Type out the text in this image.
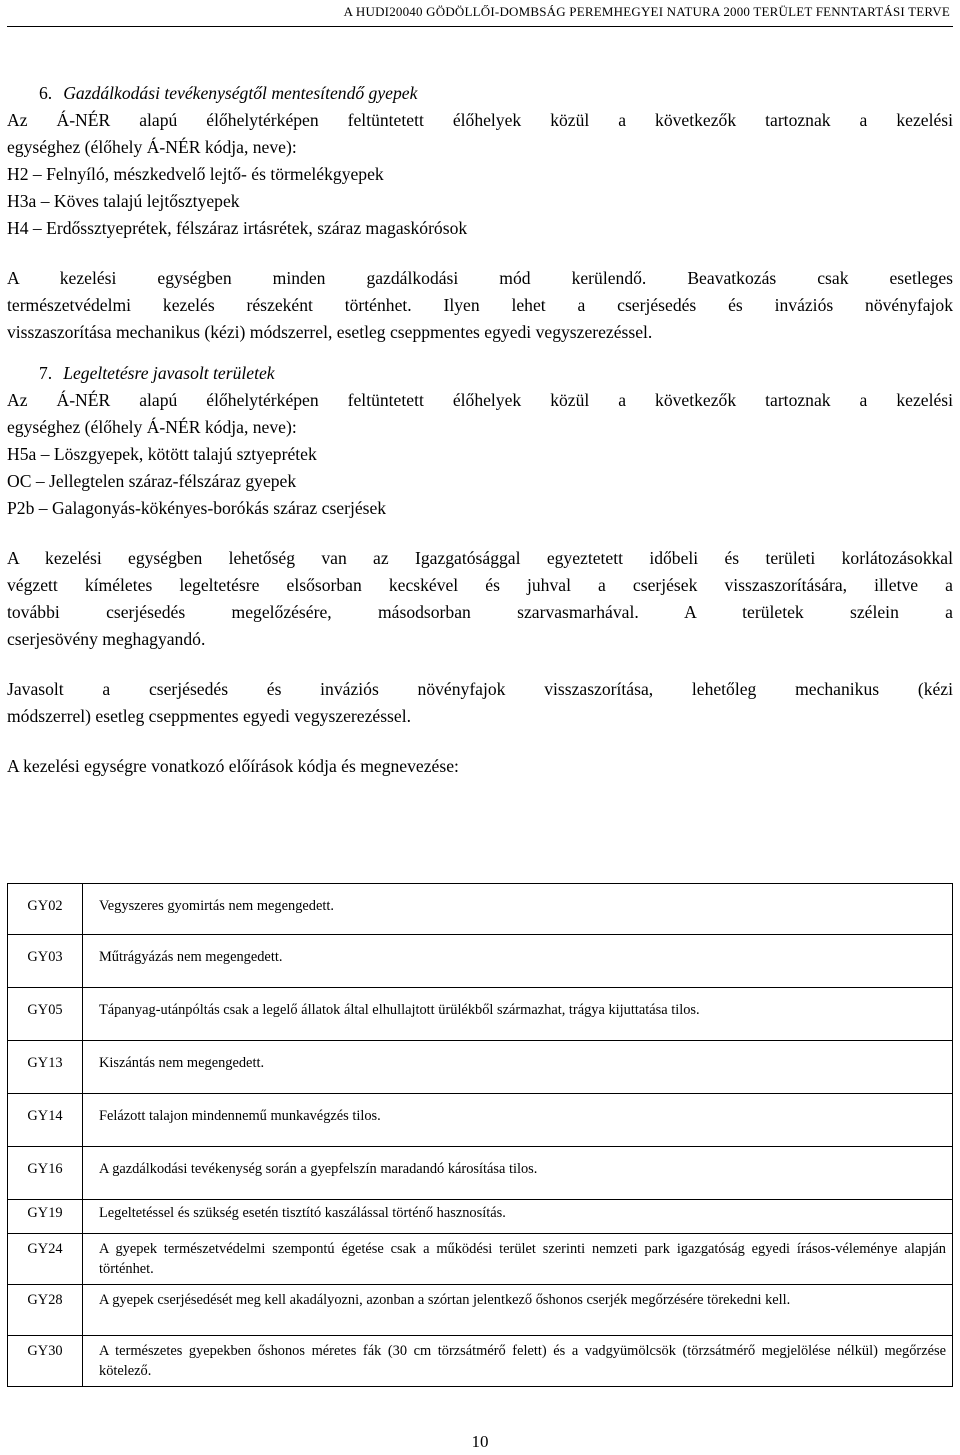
A HUDI20040 GÖDÖLLŐI-DOMBSÁG PEREMHEGYEI NATURA 2000 TERÜLET FENNTARTÁSI TERVE
6. Gazdálkodási tevékenységtől mentesítendő gyepek
Az Á-NÉR alapú élőhelytérképen feltüntetett élőhelyek közül a következők tartoznak a kezelési
egységhez (élőhely Á-NÉR kódja, neve):
H2 – Felnyíló, mészkedvelő lejtő- és törmelékgyepek
H3a – Köves talajú lejtősztyepek
H4 – Erdőssztyeprétek, félszáraz irtásrétek, száraz magaskórósok
A kezelési egységben minden gazdálkodási mód kerülendő. Beavatkozás csak esetleges
természetvédelmi kezelés részeként történhet. Ilyen lehet a cserjésedés és inváziós növényfajok
visszaszorítása mechanikus (kézi) módszerrel, esetleg cseppmentes egyedi vegyszerezéssel.
7. Legeltetésre javasolt területek
Az Á-NÉR alapú élőhelytérképen feltüntetett élőhelyek közül a következők tartoznak a kezelési
egységhez (élőhely Á-NÉR kódja, neve):
H5a – Löszgyepek, kötött talajú sztyeprétek
OC – Jellegtelen száraz-félszáraz gyepek
P2b – Galagonyás-kökényes-borókás száraz cserjések
A kezelési egységben lehetőség van az Igazgatósággal egyeztetett időbeli és területi korlátozásokkal
végzett kíméletes legeltetésre elsősorban kecskével és juhval a cserjések visszaszorítására, illetve a
további cserjésedés megelőzésére, másodsorban szarvasmarhával. A területek szélein a
cserjesövény meghagyandó.
Javasolt a cserjésedés és inváziós növényfajok visszaszorítása, lehetőleg mechanikus (kézi
módszerrel) esetleg cseppmentes egyedi vegyszerezéssel.
A kezelési egységre vonatkozó előírások kódja és megnevezése:
GY02	Vegyszeres gyomirtás nem megengedett.
GY03	Műtrágyázás nem megengedett.
GY05	Tápanyag-utánpóltás csak a legelő állatok által elhullajtott ürülékből származhat, trágya kijuttatása tilos.
GY13	Kiszántás nem megengedett.
GY14	Felázott talajon mindennemű munkavégzés tilos.
GY16	A gazdálkodási tevékenység során a gyepfelszín maradandó károsítása tilos.
GY19	Legeltetéssel és szükség esetén tisztító kaszálással történő hasznosítás.
GY24	A gyepek természetvédelmi szempontú égetése csak a működési terület szerinti nemzeti park igazgatóság egyedi írásos-véleménye alapján történhet.
GY28	A gyepek cserjésedését meg kell akadályozni, azonban a szórtan jelentkező őshonos cserjék megőrzésére törekedni kell.
GY30	A természetes gyepekben őshonos méretes fák (30 cm törzsátmérő felett) és a vadgyümölcsök (törzsátmérő megjelölése nélkül) megőrzése kötelező.
10
